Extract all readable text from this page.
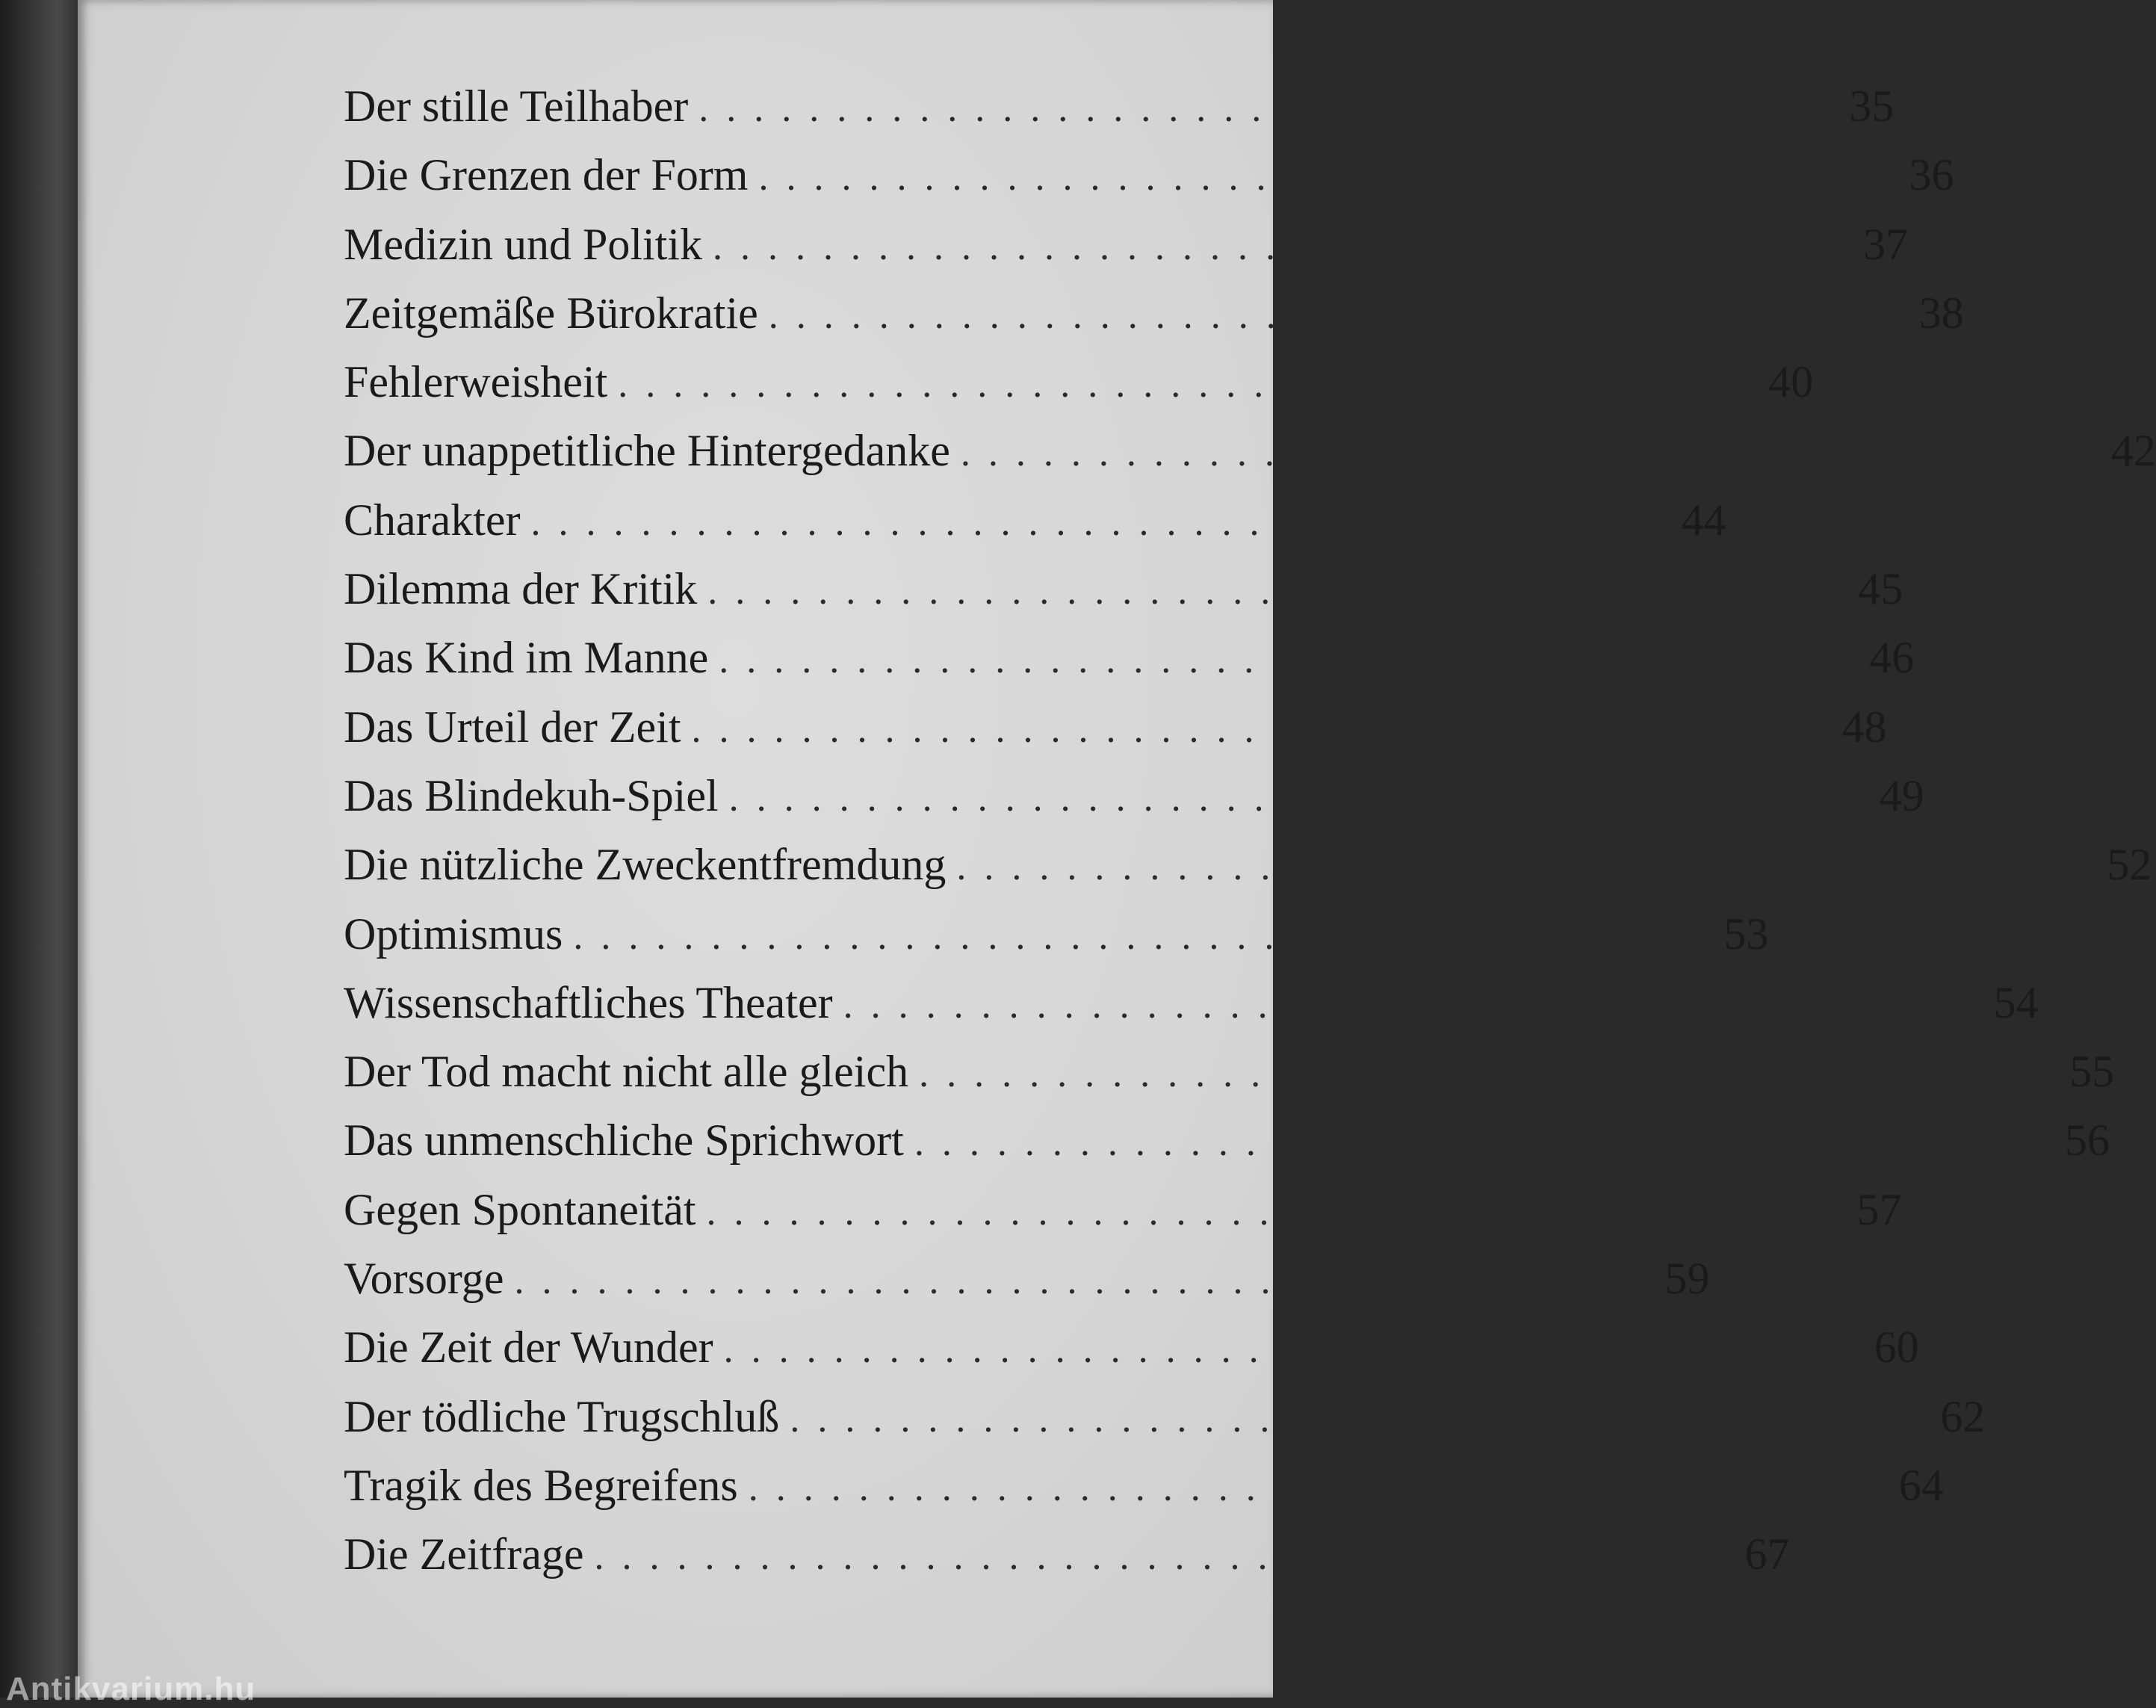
Der stille Teilhaber ........................................	35
Die Grenzen der Form ........................................	36
Medizin und Politik ........................................	37
Zeitgemäße Bürokratie ........................................	38
Fehlerweisheit ........................................	40
Der unappetitliche Hintergedanke ........................................	42
Charakter ........................................	44
Dilemma der Kritik ........................................	45
Das Kind im Manne ........................................	46
Das Urteil der Zeit ........................................	48
Das Blindekuh-Spiel ........................................	49
Die nützliche Zweckentfremdung ........................................	52
Optimismus ........................................	53
Wissenschaftliches Theater ........................................	54
Der Tod macht nicht alle gleich ........................................	55
Das unmenschliche Sprichwort ........................................	56
Gegen Spontaneität ........................................	57
Vorsorge ........................................	59
Die Zeit der Wunder ........................................	60
Der tödliche Trugschluß ........................................	62
Tragik des Begreifens ........................................	64
Die Zeitfrage ........................................	67
Antikvarium.hu
